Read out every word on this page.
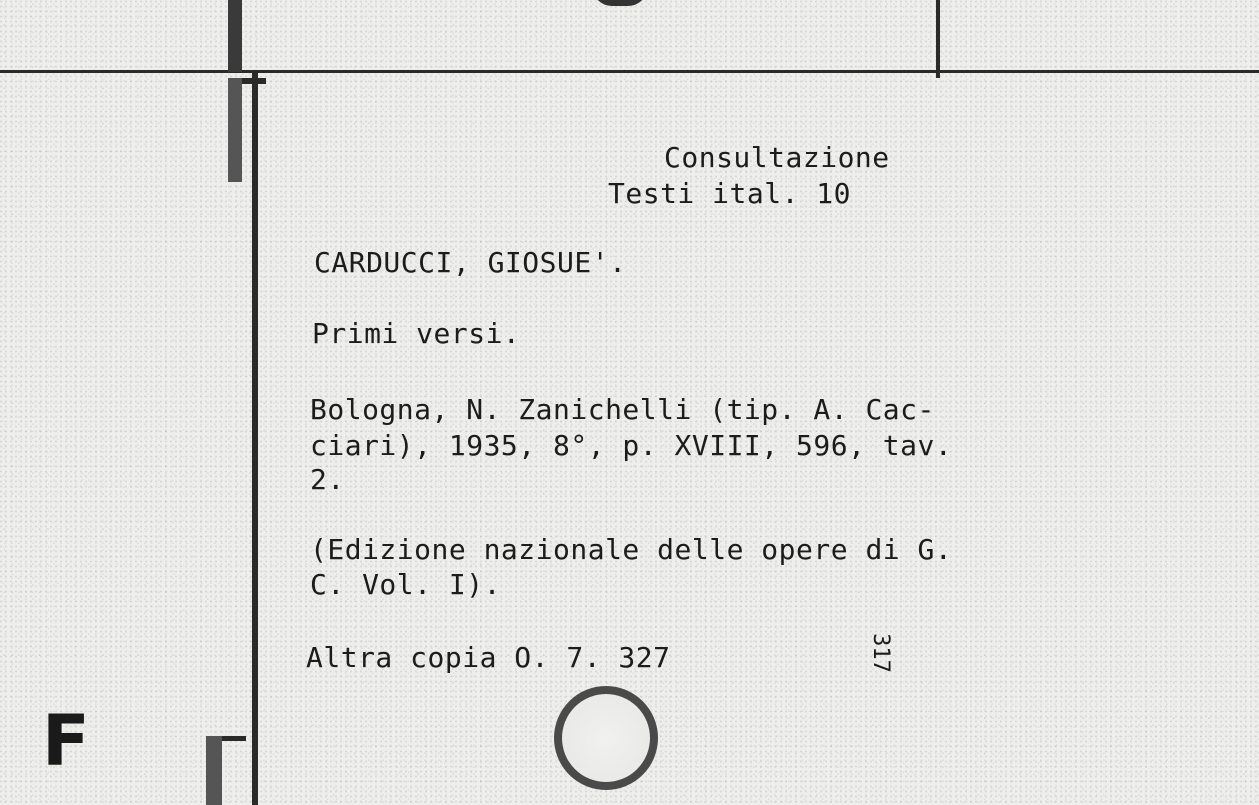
Consultazione
Testi ital. 10
CARDUCCI, GIOSUE'.
Primi versi.
Bologna, N. Zanichelli (tip. A. Cac-
ciari), 1935, 8°, p. XVIII, 596, tav.
2.
(Edizione nazionale delle opere di G.
C. Vol. I).
Altra copia O. 7. 327	317
F
